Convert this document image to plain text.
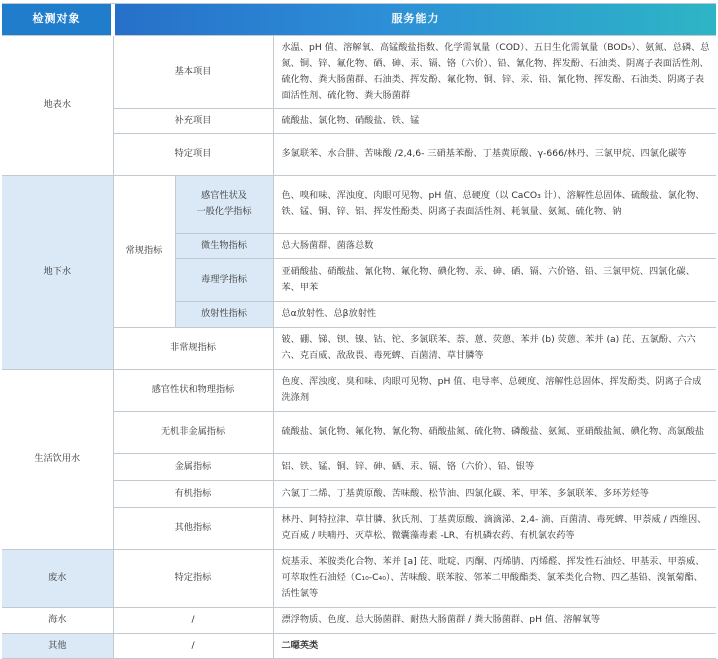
检测对象	服务能力		
地表水	基本项目		水温、pH 值、溶解氧、高锰酸盐指数、化学需氧量（COD）、五日生化需氧量（BOD₅）、氨氮、总磷、总氮、铜、锌、氟化物、硒、砷、汞、镉、铬（六价）、铅、氰化物、挥发酚、石油类、阴离子表面活性剂、硫化物、粪大肠菌群、石油类、挥发酚、氟化物、铜、锌、汞、铅、氰化物、挥发酚、石油类、阴离子表面活性剂、硫化物、粪大肠菌群
	补充项目		硫酸盐、氯化物、硝酸盐、铁、锰
	特定项目		多氯联苯、水合肼、苦味酸 /2,4,6- 三硝基苯酚、丁基黄原酸、γ-666/林丹、三氯甲烷、四氯化碳等
地下水	常规指标	感官性状及
一般化学指标	色、嗅和味、浑浊度、肉眼可见物、pH 值、总硬度（以 CaCO₃ 计）、溶解性总固体、硫酸盐、氯化物、铁、锰、铜、锌、铝、挥发性酚类、阴离子表面活性剂、耗氧量、氨氮、硫化物、钠
		微生物指标	总大肠菌群、菌落总数
		毒理学指标	亚硝酸盐、硝酸盐、氰化物、氟化物、碘化物、汞、砷、硒、镉、六价铬、铅、三氯甲烷、四氯化碳、苯、甲苯
		放射性指标	总α放射性、总β放射性
	非常规指标		铍、硼、锑、钡、镍、钴、铊、多氯联苯、萘、蒽、荧蒽、苯并 (b) 荧蒽、苯并 (a) 芘、五氯酚、六六六、克百威、敌敌畏、毒死蜱、百菌清、草甘膦等
生活饮用水	感官性状和物理指标		色度、浑浊度、臭和味、肉眼可见物、pH 值、电导率、总硬度、溶解性总固体、挥发酚类、阴离子合成洗涤剂
	无机非金属指标		硫酸盐、氯化物、氟化物、氰化物、硝酸盐氮、硫化物、磷酸盐、氨氮、亚硝酸盐氮、碘化物、高氯酸盐
	金属指标		铝、铁、锰、铜、锌、砷、硒、汞、镉、铬（六价）、铅、银等
	有机指标		六氯丁二烯、丁基黄原酸、苦味酸、松节油、四氯化碳、苯、甲苯、多氯联苯、多环芳烃等
	其他指标		林丹、阿特拉津、草甘膦、狄氏剂、丁基黄原酸、滴滴涕、2,4- 滴、百菌清、毒死蜱、甲萘威 / 西维因、克百威 / 呋喃丹、灭草松、微囊藻毒素 -LR、有机磷农药、有机氯农药等
废水	特定指标		烷基汞、苯胺类化合物、苯并 [a] 芘、吡啶、丙酮、丙烯腈、丙烯醛、挥发性石油烃、甲基汞、甲萘威、可萃取性石油烃（C₁₀-C₄₀）、苦味酸、联苯胺、邻苯二甲酸酯类、氯苯类化合物、四乙基铅、溴氰菊酯、活性氯等
海水	/		漂浮物质、色度、总大肠菌群、耐热大肠菌群 / 粪大肠菌群、pH 值、溶解氧等
其他	/		二噁英类
